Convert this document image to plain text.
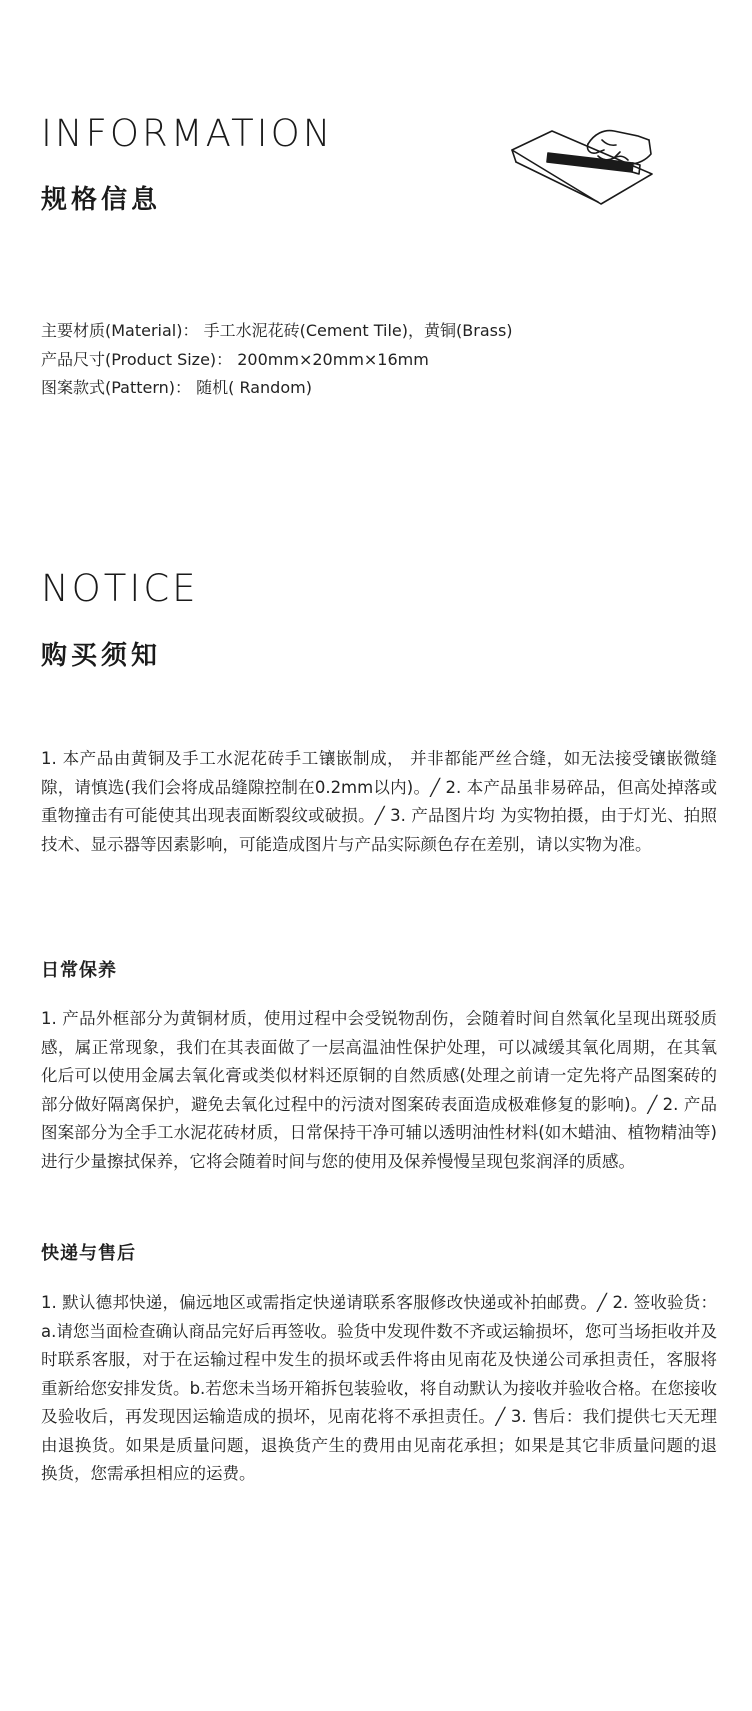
INFORMATION
规格信息

主要材质(Material)： 手工水泥花砖(Cement Tile)，黄铜(Brass)

产品尺寸(Product Size)： 200mm×20mm×16mm

图案款式(Pattern)： 随机( Random)

NOTICE
购买须知

1. 本产品由黄铜及手工水泥花砖手工镶嵌制成， 并非都能严丝合缝，如无法接受镶嵌微缝隙，请慎选(我们会将成品缝隙控制在0.2mm以内)。╱ 2. 本产品虽非易碎品，但高处掉落或重物撞击有可能使其出现表面断裂纹或破损。╱ 3. 产品图片均 为实物拍摄，由于灯光、拍照技术、显示器等因素影响，可能造成图片与产品实际颜色存在差别，请以实物为准。

日常保养

1. 产品外框部分为黄铜材质，使用过程中会受锐物刮伤，会随着时间自然氧化呈现出斑驳质感，属正常现象，我们在其表面做了一层高温油性保护处理，可以减缓其氧化周期，在其氧化后可以使用金属去氧化膏或类似材料还原铜的自然质感(处理之前请一定先将产品图案砖的部分做好隔离保护，避免去氧化过程中的污渍对图案砖表面造成极难修复的影响)。╱ 2. 产品图案部分为全手工水泥花砖材质，日常保持干净可辅以透明油性材料(如木蜡油、植物精油等)进行少量擦拭保养，它将会随着时间与您的使用及保养慢慢呈现包浆润泽的质感。

快递与售后

1. 默认德邦快递，偏远地区或需指定快递请联系客服修改快递或补拍邮费。╱ 2. 签收验货：a.请您当面检查确认商品完好后再签收。验货中发现件数不齐或运输损坏，您可当场拒收并及时联系客服，对于在运输过程中发生的损坏或丢件将由见南花及快递公司承担责任，客服将重新给您安排发货。b.若您未当场开箱拆包装验收，将自动默认为接收并验收合格。在您接收及验收后，再发现因运输造成的损坏，见南花将不承担责任。╱ 3. 售后：我们提供七天无理由退换货。如果是质量问题，退换货产生的费用由见南花承担；如果是其它非质量问题的退换货，您需承担相应的运费。
